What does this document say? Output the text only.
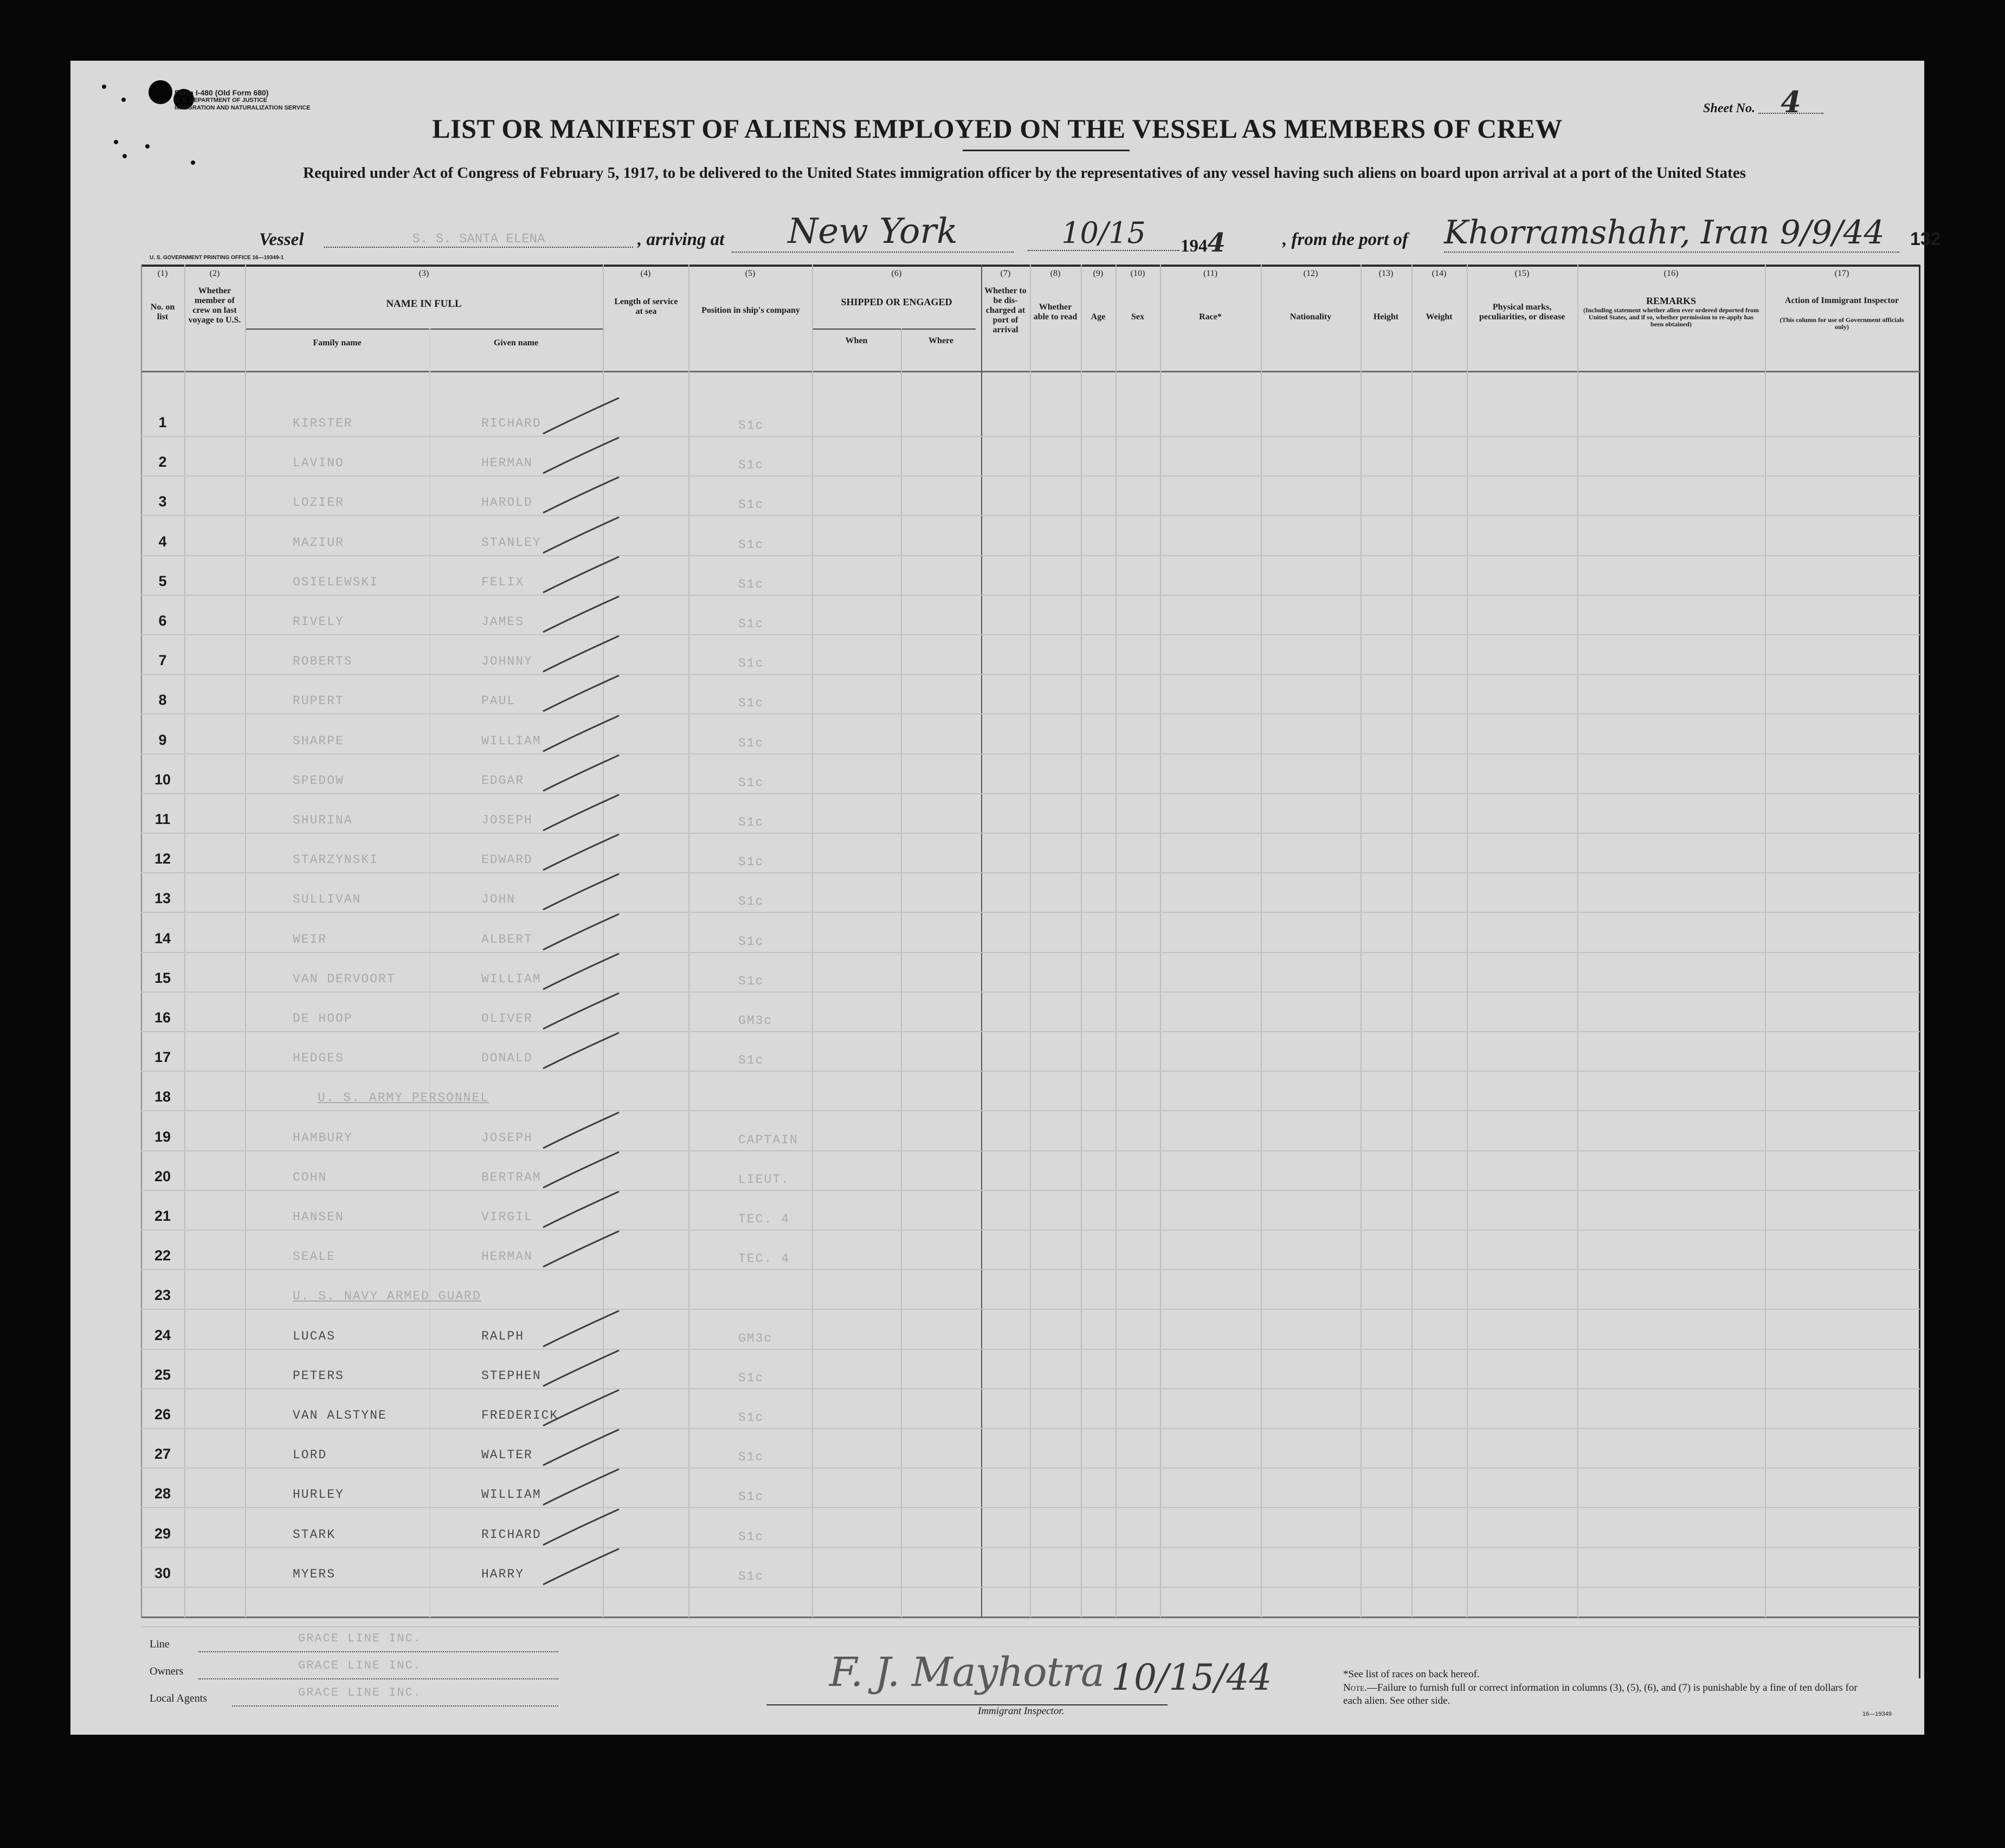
Form I-480 (Old Form 680)
U. S. DEPARTMENT OF JUSTICE
IMMIGRATION AND NATURALIZATION SERVICE	Sheet No. 4
LIST OR MANIFEST OF ALIENS EMPLOYED ON THE VESSEL AS MEMBERS OF CREW
Required under Act of Congress of February 5, 1917, to be delivered to the United States immigration officer by the representatives of any vessel having such aliens on board upon arrival at a port of the United States
Vessel	S. S. SANTA ELENA	, arriving at	New York	10/15	1944	, from the port of Khorramshahr, Iran 9/9/44	132
U. S. GOVERNMENT PRINTING OFFICE 16—19349-1
(1)	(2)	(3)	(4)	(5)	(6)	(7)	(8)	(9)	(10)	(11)	(12)	(13)	(14)	(15)	(16)	(17)
No. on list
Whether member of crew on last voyage to U.S.
NAME IN FULL
Family name	Given name
Length of service at sea	Position in ship's company
SHIPPED OR ENGAGED
When	Where
Whether to be dis-charged at port of arrival
Whether able to read	Age	Sex	Race*	Nationality	Height	Weight
Physical marks, peculiarities, or disease
REMARKS
(Including statement whether alien ever ordered deported from United States, and if so, whether permission to re-apply has been obtained)
Action of Immigrant Inspector
(This column for use of Government officials only)
1	KIRSTER	RICHARD	S1c
2	LAVINO	HERMAN	S1c
3	LOZIER	HAROLD	S1c
4	MAZIUR	STANLEY	S1c
5	OSIELEWSKI	FELIX	S1c
6	RIVELY	JAMES	S1c
7	ROBERTS	JOHNNY	S1c
8	RUPERT	PAUL	S1c
9	SHARPE	WILLIAM	S1c
10	SPEDOW	EDGAR	S1c
11	SHURINA	JOSEPH	S1c
12	STARZYNSKI	EDWARD	S1c
13	SULLIVAN	JOHN	S1c
14	WEIR	ALBERT	S1c
15	VAN DERVOORT	WILLIAM	S1c
16	DE HOOP	OLIVER	GM3c
17	HEDGES	DONALD	S1c
18	U. S. ARMY PERSONNEL
19	HAMBURY	JOSEPH	CAPTAIN
20	COHN	BERTRAM	LIEUT.
21	HANSEN	VIRGIL	TEC. 4
22	SEALE	HERMAN	TEC. 4
23	U. S. NAVY ARMED GUARD
24	LUCAS	RALPH	GM3c
25	PETERS	STEPHEN	S1c
26	VAN ALSTYNE	FREDERICK	S1c
27	LORD	WALTER	S1c
28	HURLEY	WILLIAM	S1c
29	STARK	RICHARD	S1c
30	MYERS	HARRY	S1c
Line	GRACE LINE INC.
Owners	GRACE LINE INC.
Local Agents	GRACE LINE INC.	F. J. Mayhotra
Immigrant Inspector.
10/15/44	*See list of races on back hereof.
Note.—Failure to furnish full or correct information in columns (3), (5), (6), and (7) is punishable by a fine of ten dollars for each alien. See other side.
16—19349
